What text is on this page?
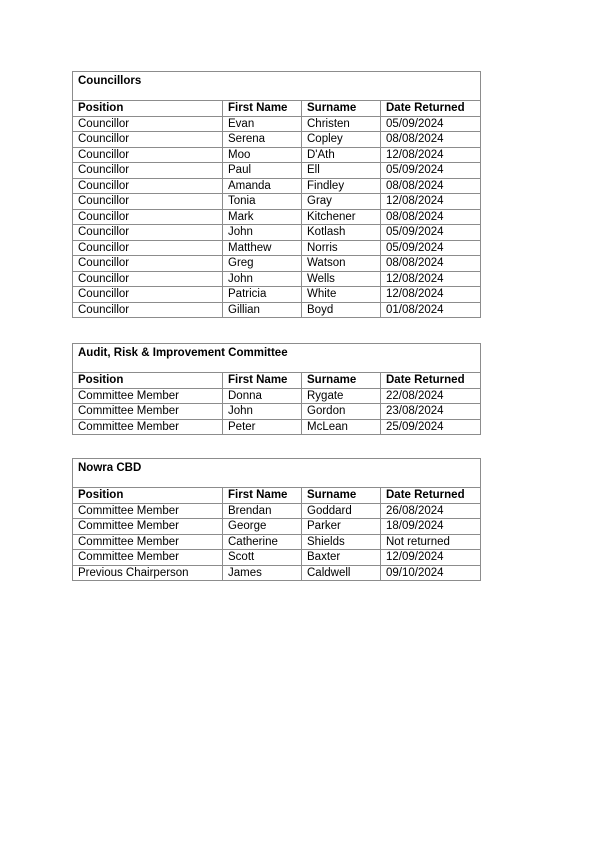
Councillors			
Position	First Name	Surname	Date Returned
Councillor	Evan	Christen	05/09/2024
Councillor	Serena	Copley	08/08/2024
Councillor	Moo	D'Ath	12/08/2024
Councillor	Paul	Ell	05/09/2024
Councillor	Amanda	Findley	08/08/2024
Councillor	Tonia	Gray	12/08/2024
Councillor	Mark	Kitchener	08/08/2024
Councillor	John	Kotlash	05/09/2024
Councillor	Matthew	Norris	05/09/2024
Councillor	Greg	Watson	08/08/2024
Councillor	John	Wells	12/08/2024
Councillor	Patricia	White	12/08/2024
Councillor	Gillian	Boyd	01/08/2024
Audit, Risk & Improvement Committee			
Position	First Name	Surname	Date Returned
Committee Member	Donna	Rygate	22/08/2024
Committee Member	John	Gordon	23/08/2024
Committee Member	Peter	McLean	25/09/2024
Nowra CBD			
Position	First Name	Surname	Date Returned
Committee Member	Brendan	Goddard	26/08/2024
Committee Member	George	Parker	18/09/2024
Committee Member	Catherine	Shields	Not returned
Committee Member	Scott	Baxter	12/09/2024
Previous Chairperson	James	Caldwell	09/10/2024
